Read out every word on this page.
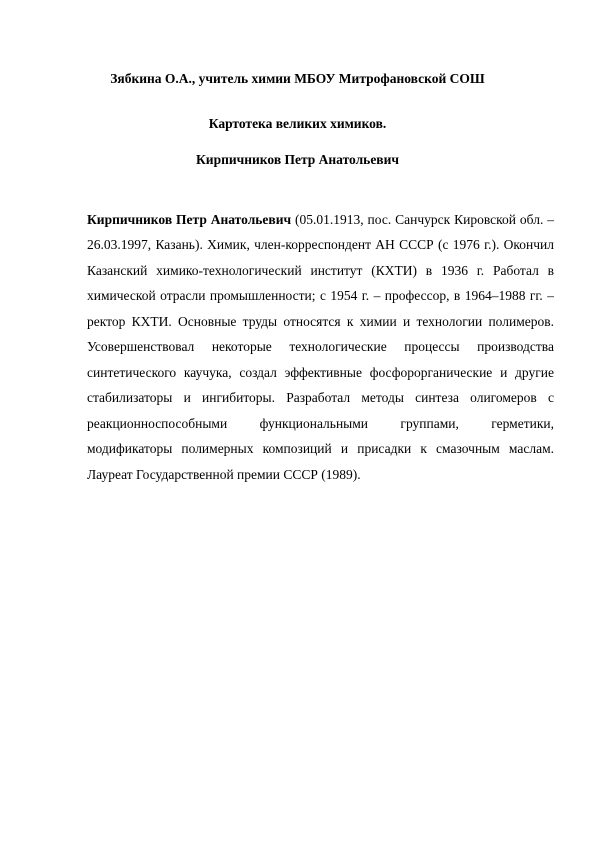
Зябкина О.А., учитель химии МБОУ Митрофановской СОШ
Картотека великих химиков.
Кирпичников Петр Анатольевич

Кирпичников Петр Анатольевич (05.01.1913, пос. Санчурск Кировской обл. – 26.03.1997, Казань). Химик, член-корреспондент АН СССР (с 1976 г.). Окончил Казанский химико-технологический институт (КХТИ) в 1936 г. Работал в химической отрасли промышленности; с 1954 г. – профессор, в 1964–1988 гг. – ректор КХТИ. Основные труды относятся к химии и технологии полимеров. Усовершенствовал некоторые технологические процессы производства синтетического каучука, создал эффективные фосфорорганические и другие стабилизаторы и ингибиторы. Разработал методы синтеза олигомеров с реакционноспособными функциональными группами, герметики, модификаторы полимерных композиций и присадки к смазочным маслам. Лауреат Государственной премии СССР (1989).
